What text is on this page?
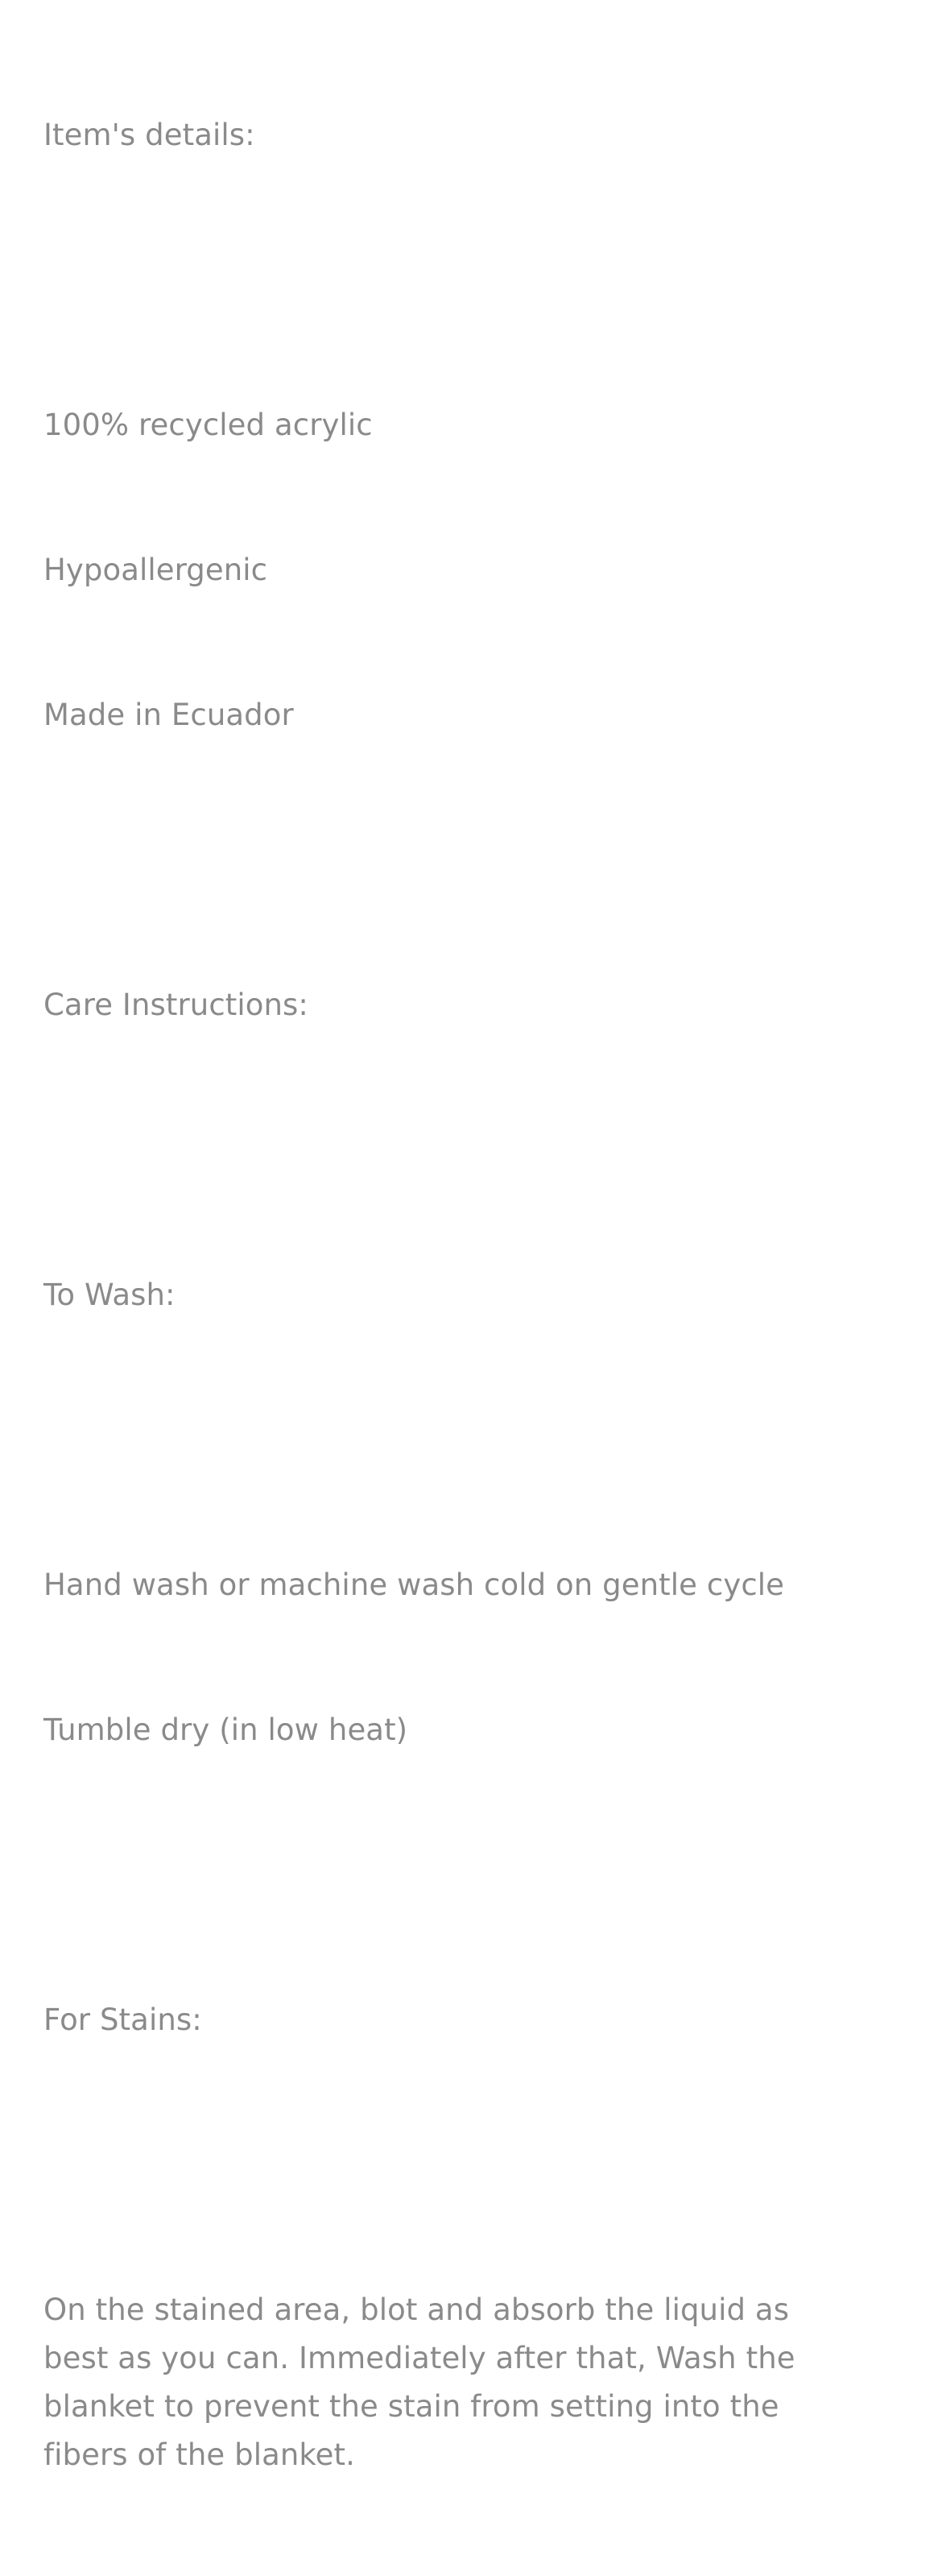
Item's details:

100% recycled acrylic

Hypoallergenic

Made in Ecuador

Care Instructions:

To Wash:

Hand wash or machine wash cold on gentle cycle

Tumble dry (in low heat)

For Stains:

On the stained area, blot and absorb the liquid as best as you can. Immediately after that, Wash the blanket to prevent the stain from setting into the fibers of the blanket.
